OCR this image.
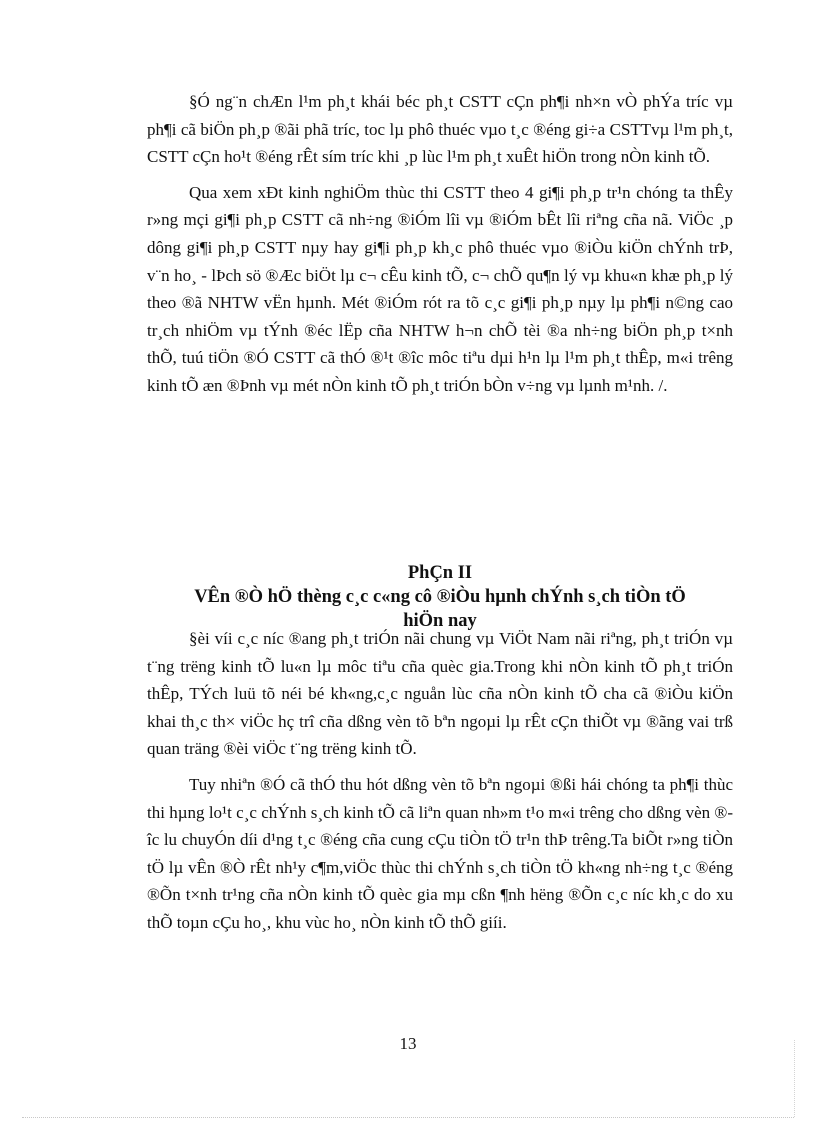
§Ó ng¨n chÆn l¹m ph¸t khái béc ph¸t CSTT cÇn ph¶i nh×n vÒ phÝa tríc vµ ph¶i cã biÖn ph¸p ®ãi phã tríc, toc lµ phô thuéc vµo t¸c ®éng gi÷a CSTTvµ l¹m ph¸t, CSTT cÇn ho¹t ®éng rÊt sím tríc khi ¸p lùc l¹m ph¸t xuÊt hiÖn trong nÒn kinh tÕ.

Qua xem xÐt kinh nghiÖm thùc thi CSTT theo 4 gi¶i ph¸p tr¹n chóng ta thÊy r»ng mçi gi¶i ph¸p CSTT cã nh÷ng ®iÓm lîi vµ ®iÓm bÊt lîi riªng cña nã. ViÖc ¸p dông gi¶i ph¸p CSTT nµy hay gi¶i ph¸p kh¸c phô thuéc vµo ®iÒu kiÖn chÝnh trÞ, v¨n ho¸ - lÞch sö ®Æc biÖt lµ c¬ cÊu kinh tÕ, c¬ chÕ qu¶n lý vµ khu«n khæ ph¸p lý theo ®ã NHTW vËn hµnh. Mét ®iÓm rót ra tõ c¸c gi¶i ph¸p nµy lµ ph¶i n©ng cao tr¸ch nhiÖm vµ tÝnh ®éc lËp cña NHTW h¬n chÕ tèi ®a nh÷ng biÖn ph¸p t×nh thÕ, tuú tiÖn ®Ó CSTT cã thÓ ®¹t ®îc môc tiªu dµi h¹n lµ l¹m ph¸t thÊp, m«i trêng kinh tÕ æn ®Þnh vµ mét nÒn kinh tÕ ph¸t triÓn bÒn v÷ng vµ lµnh m¹nh. /.

PhÇn II
VÊn ®Ò hÖ thèng c¸c c«ng cô ®iÒu hµnh chÝnh s¸ch tiÒn tÖ
hiÖn nay

§èi víi c¸c níc ®ang ph¸t triÓn nãi chung vµ ViÖt Nam nãi riªng, ph¸t triÓn vµ t¨ng trëng kinh tÕ lu«n lµ môc tiªu cña quèc gia.Trong khi nÒn kinh tÕ ph¸t triÓn thÊp, TÝch luü tõ néi bé kh«ng,c¸c nguån lùc cña nÒn kinh tÕ cha cã ®iÒu kiÖn khai th¸c th× viÖc hç trî cña dßng vèn tõ bªn ngoµi lµ rÊt cÇn thiÕt vµ ®ãng vai trß quan träng ®èi viÖc t¨ng trëng kinh tÕ.

Tuy nhiªn ®Ó cã thÓ thu hót dßng vèn tõ bªn ngoµi ®ßi hái chóng ta ph¶i thùc thi hµng lo¹t c¸c chÝnh s¸ch kinh tÕ cã liªn quan nh»m t¹o m«i trêng cho dßng vèn ®îc lu chuyÓn díi d¹ng t¸c ®éng cña cung cÇu tiÒn tÖ tr¹n thÞ trêng.Ta biÕt r»ng tiÒn tÖ lµ vÊn ®Ò rÊt nh¹y c¶m,viÖc thùc thi chÝnh s¸ch tiÒn tÖ kh«ng nh÷ng t¸c ®éng ®Õn t×nh tr¹ng cña nÒn kinh tÕ quèc gia mµ cßn ¶nh hëng ®Õn c¸c níc kh¸c do xu thÕ toµn cÇu ho¸, khu vùc ho¸ nÒn kinh tÕ thÕ giíi.

13
